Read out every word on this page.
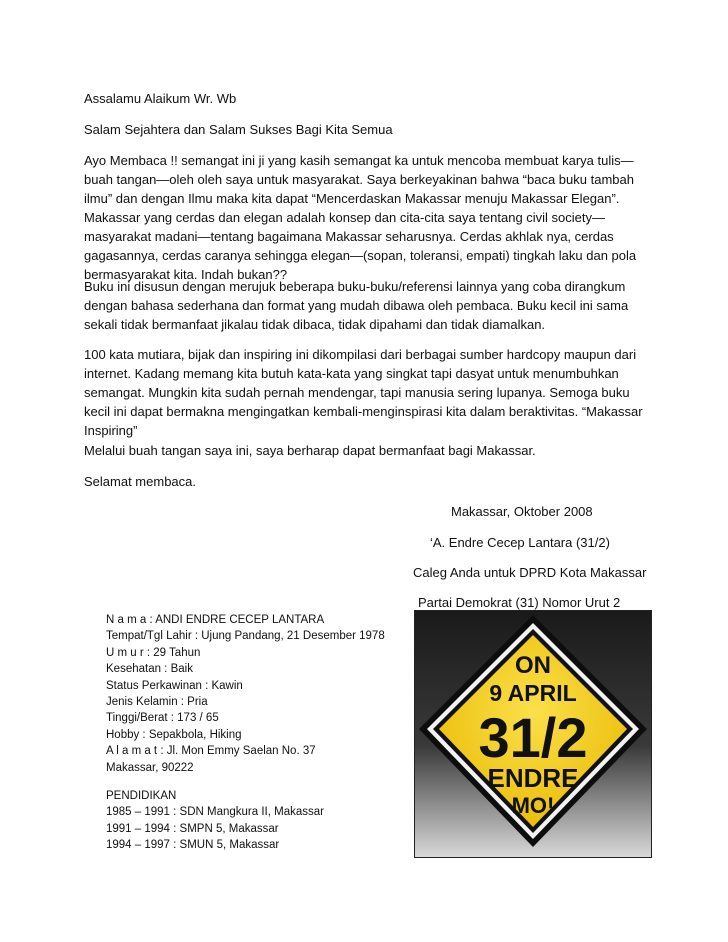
Assalamu Alaikum Wr. Wb

Salam Sejahtera dan Salam Sukses Bagi Kita Semua

Ayo Membaca !! semangat ini ji yang kasih semangat ka untuk mencoba membuat karya tulis—buah tangan—oleh oleh saya untuk masyarakat. Saya berkeyakinan bahwa “baca buku tambah ilmu” dan dengan Ilmu maka kita dapat “Mencerdaskan Makassar menuju Makassar Elegan”. Makassar yang cerdas dan elegan adalah konsep dan cita-cita saya tentang civil society—masyarakat madani—tentang bagaimana Makassar seharusnya. Cerdas akhlak nya, cerdas gagasannya, cerdas caranya sehingga elegan—(sopan, toleransi, empati) tingkah laku dan pola bermasyarakat kita. Indah bukan??

Buku ini disusun dengan merujuk beberapa buku-buku/referensi lainnya yang coba dirangkum dengan bahasa sederhana dan format yang mudah dibawa oleh pembaca. Buku kecil ini sama sekali tidak bermanfaat jikalau tidak dibaca, tidak dipahami dan tidak diamalkan.

100 kata mutiara, bijak dan inspiring ini dikompilasi dari berbagai sumber hardcopy maupun dari internet. Kadang memang kita butuh kata-kata yang singkat tapi dasyat untuk menumbuhkan semangat. Mungkin kita sudah pernah mendengar, tapi manusia sering lupanya. Semoga buku kecil ini dapat bermakna mengingatkan kembali-menginspirasi kita dalam beraktivitas. “Makassar Inspiring”

Melalui buah tangan saya ini, saya berharap dapat bermanfaat bagi Makassar.

Selamat membaca.

Makassar, Oktober 2008
‘A. Endre Cecep Lantara (31/2)
Caleg Anda untuk DPRD Kota Makassar
Partai Demokrat (31) Nomor Urut 2
N a m a : ANDI ENDRE CECEP LANTARA
Tempat/Tgl Lahir : Ujung Pandang, 21 Desember 1978
U m u r : 29 Tahun
Kesehatan : Baik
Status Perkawinan : Kawin
Jenis Kelamin : Pria
Tinggi/Berat : 173 / 65
Hobby : Sepakbola, Hiking
A l a m a t : Jl. Mon Emmy Saelan No. 37
Makassar, 90222
PENDIDIKAN
1985 – 1991 : SDN Mangkura II, Makassar
1991 – 1994 : SMPN 5, Makassar
1994 – 1997 : SMUN 5, Makassar
ON
9 APRIL
31/2
ENDRE
MO!
